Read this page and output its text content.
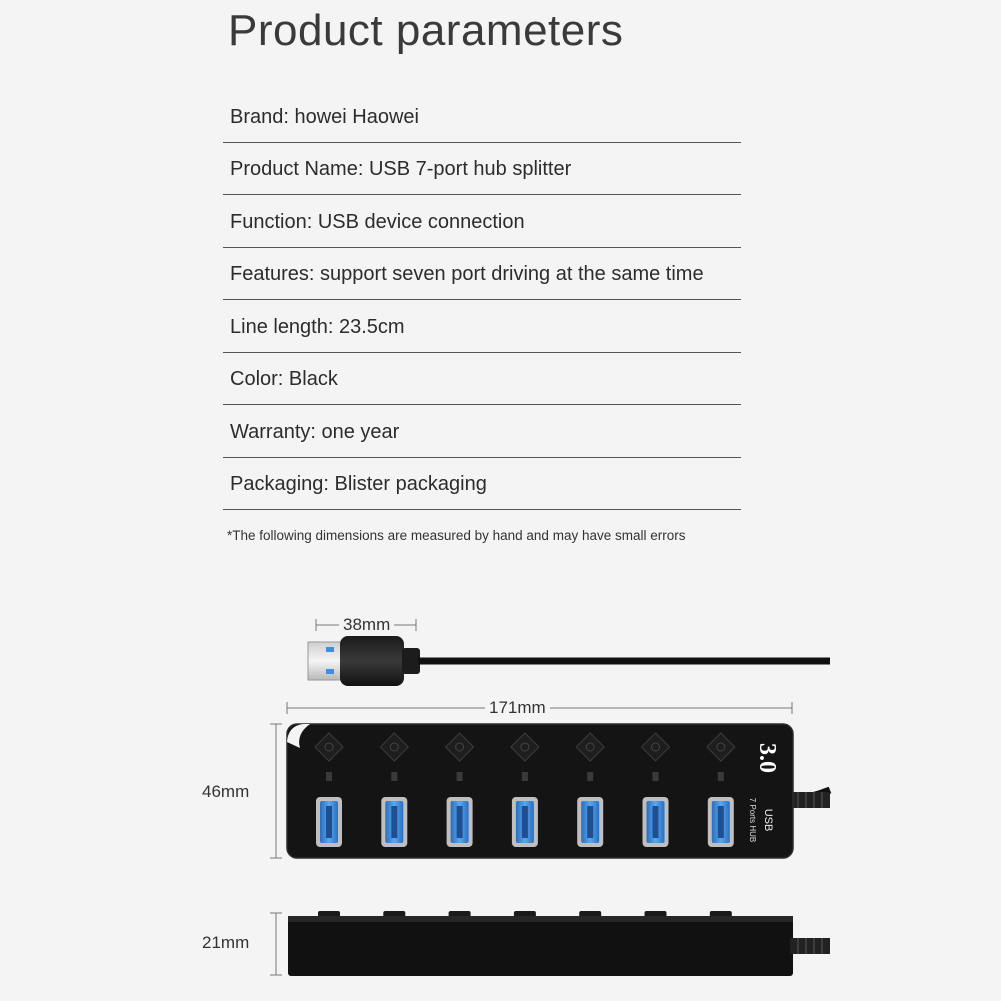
Product parameters
Brand: howei Haowei
Product Name: USB 7-port hub splitter
Function: USB device connection
Features: support seven port driving at the same time
Line length: 23.5cm
Color: Black
Warranty: one year
Packaging: Blister packaging
*The following dimensions are measured by hand and may have small errors
3.0
USB
7 Ports HUB
38mm
171mm
46mm
21mm
